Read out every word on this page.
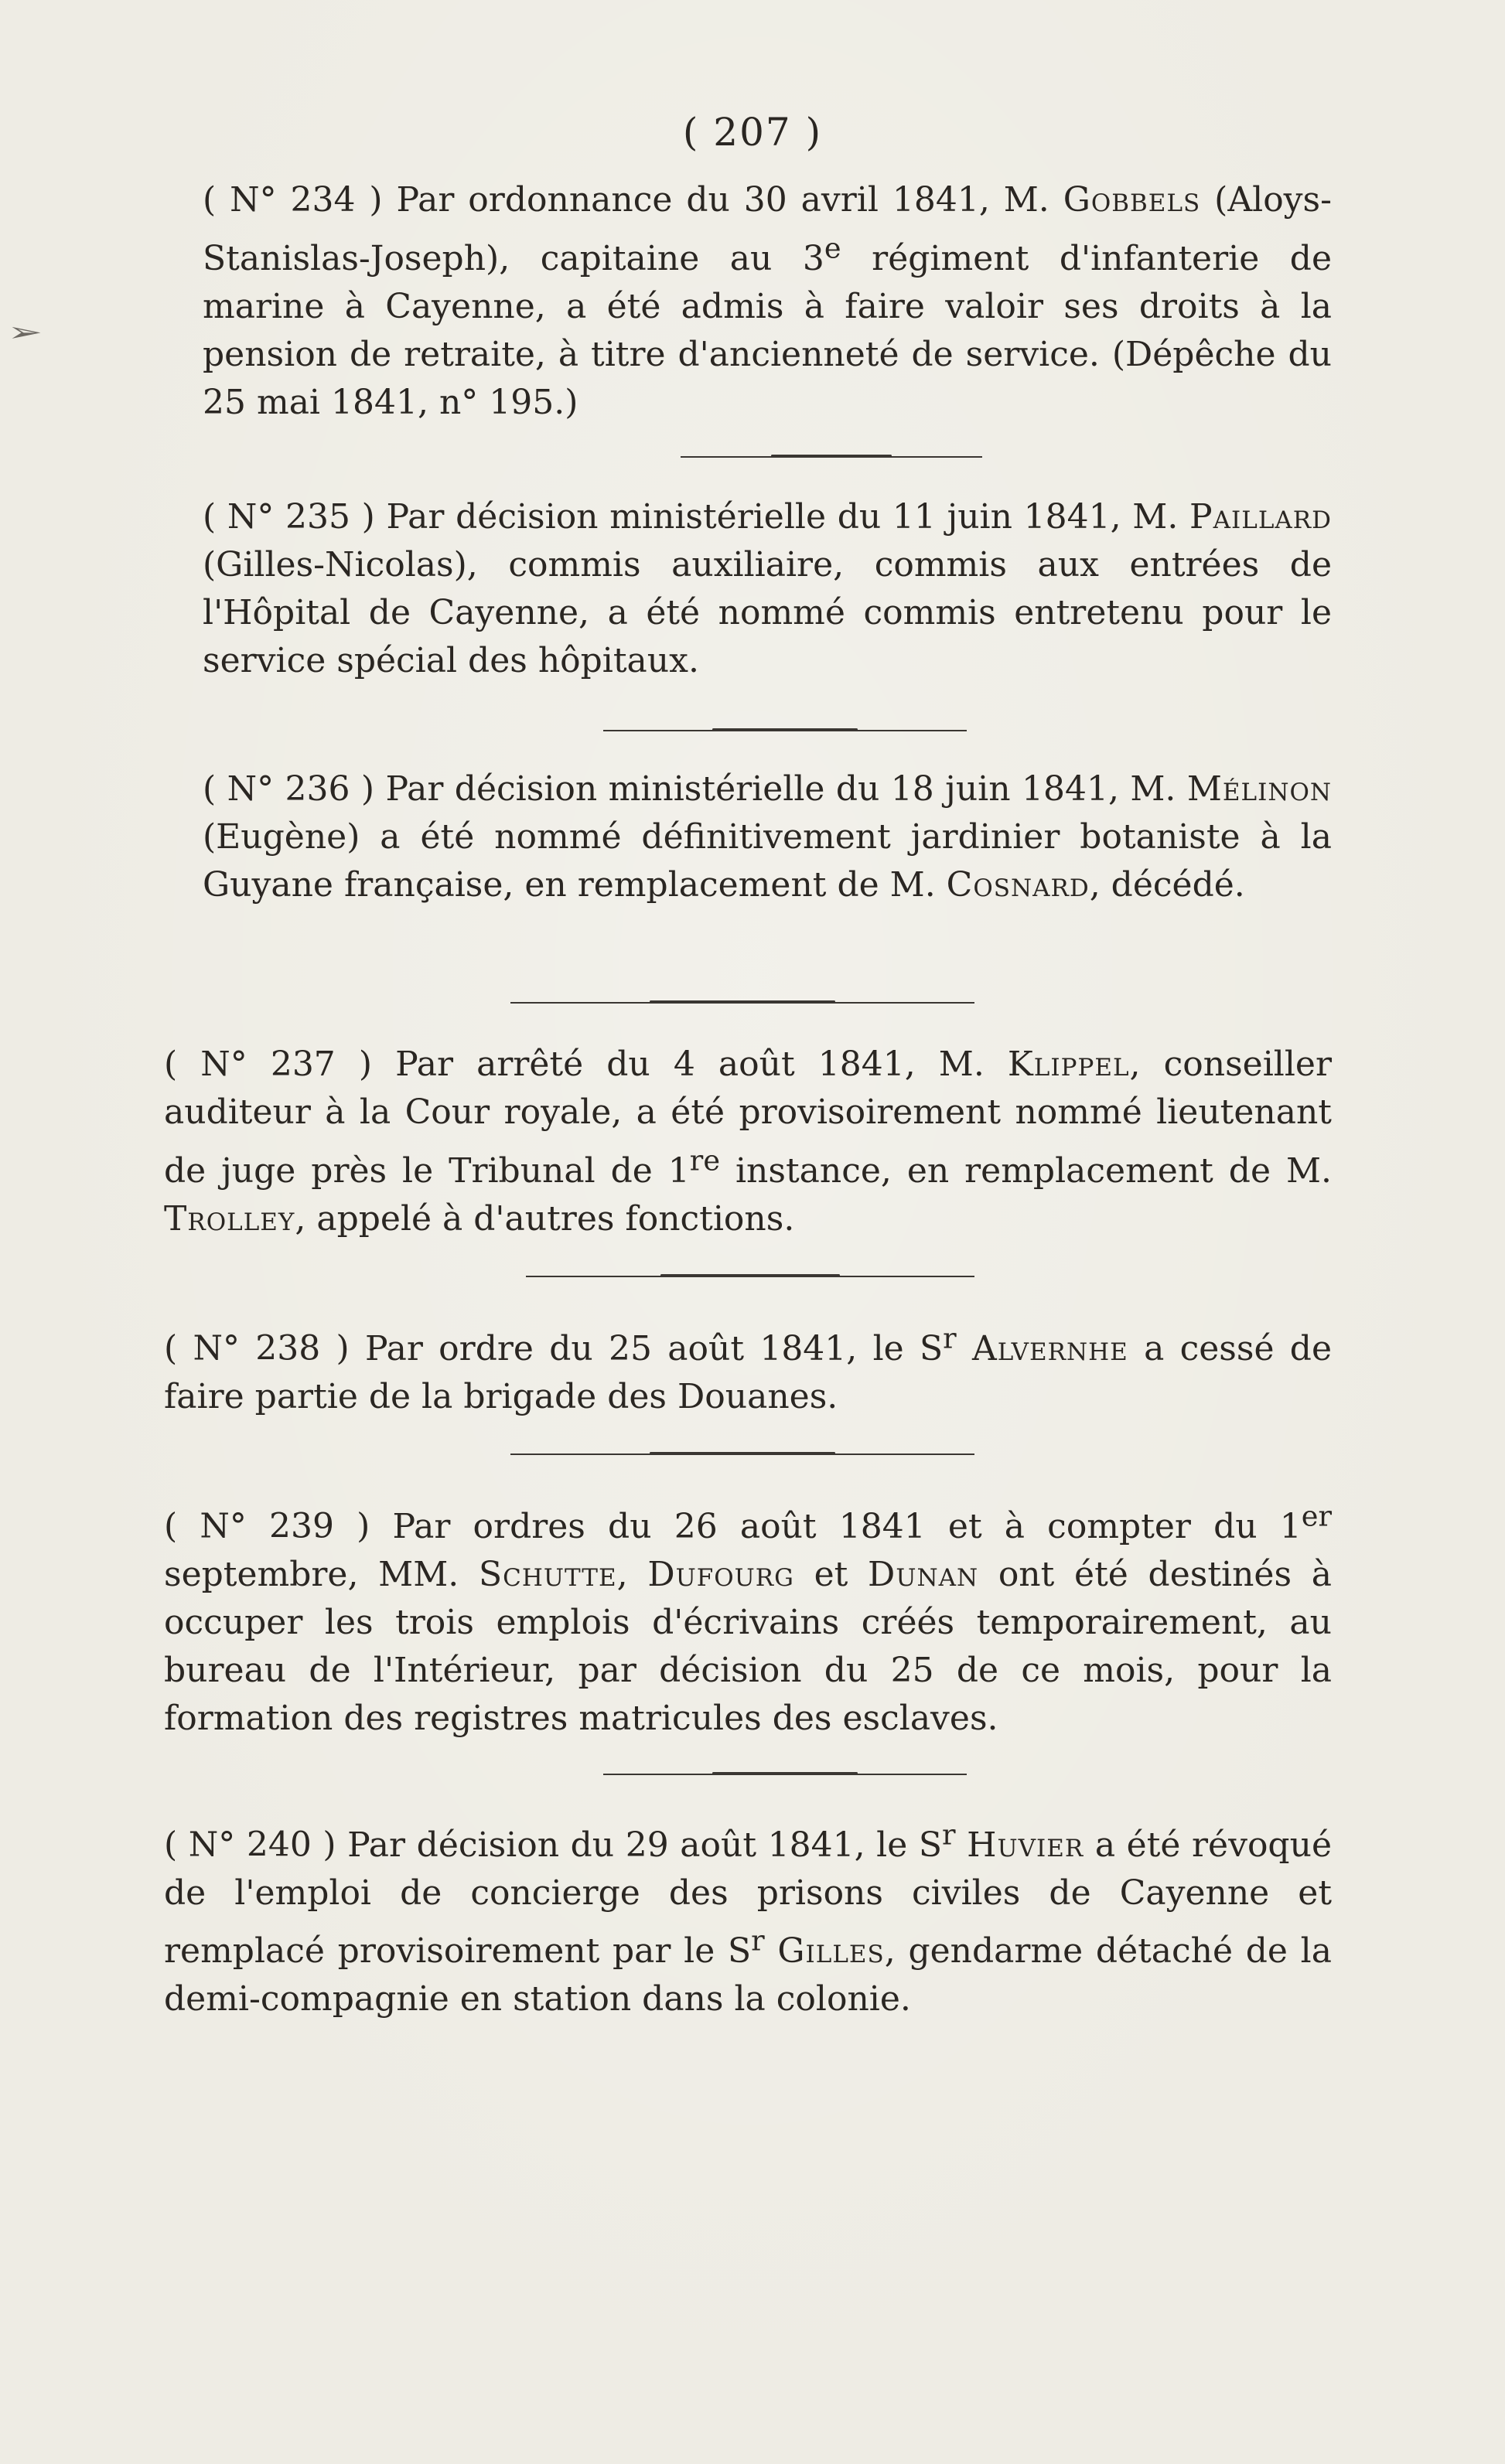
➢
( 207 )

( N° 234 ) Par ordonnance du 30 avril 1841, M. Gobbels (Aloys-Stanislas-Joseph), capitaine au 3e régiment d'infanterie de marine à Cayenne, a été admis à faire valoir ses droits à la pension de retraite, à titre d'ancienneté de service. (Dépêche du 25 mai 1841, n° 195.)

( N° 235 ) Par décision ministérielle du 11 juin 1841, M. Paillard (Gilles-Nicolas), commis auxiliaire, commis aux entrées de l'Hôpital de Cayenne, a été nommé commis entretenu pour le service spécial des hôpitaux.

( N° 236 ) Par décision ministérielle du 18 juin 1841, M. Mélinon (Eugène) a été nommé définitivement jardinier botaniste à la Guyane française, en remplacement de M. Cosnard, décédé.

( N° 237 ) Par arrêté du 4 août 1841, M. Klippel, conseiller auditeur à la Cour royale, a été provisoirement nommé lieutenant de juge près le Tribunal de 1re instance, en remplacement de M. Trolley, appelé à d'autres fonctions.

( N° 238 ) Par ordre du 25 août 1841, le $S^r$ Alvernhe a cessé de faire partie de la brigade des Douanes.

( N° 239 ) Par ordres du 26 août 1841 et à compter du 1er septembre, MM. Schutte, Dufourg et Dunan ont été destinés à occuper les trois emplois d'écrivains créés temporairement, au bureau de l'Intérieur, par décision du 25 de ce mois, pour la formation des registres matricules des esclaves.

( N° 240 ) Par décision du 29 août 1841, le $S^r$ Huvier a été révoqué de l'emploi de concierge des prisons civiles de Cayenne et remplacé provisoirement par le $S^r$ Gilles, gendarme détaché de la demi-compagnie en station dans la colonie.
